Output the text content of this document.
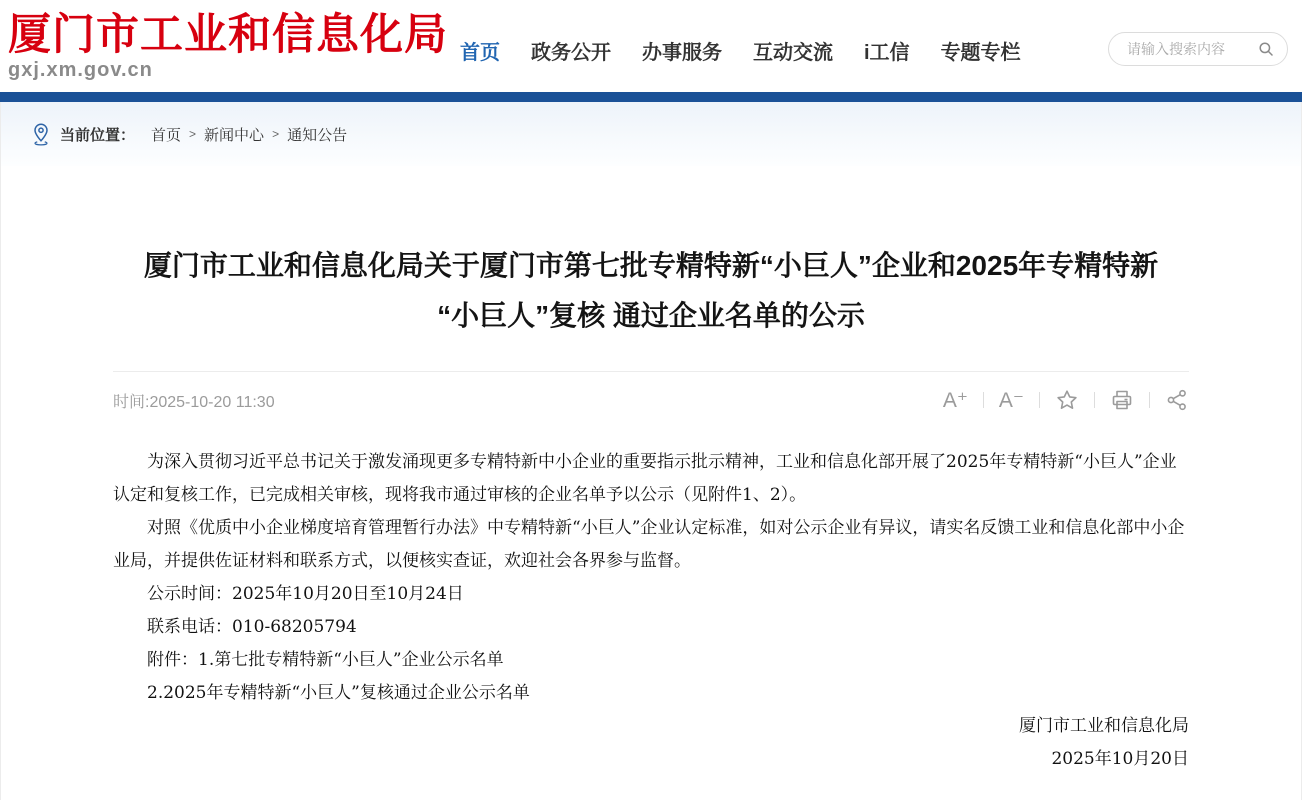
厦门市工业和信息化局
gxj.xm.gov.cn
首页 政务公开 办事服务 互动交流 i工信 专题专栏
请输入搜索内容
当前位置： 首页 > 新闻中心 > 通知公告
厦门市工业和信息化局关于厦门市第七批专精特新“小巨人”企业和2025年专精特新
“小巨人”复核 通过企业名单的公示
时间:2025-10-20 11:30	A⁺ A⁻

为深入贯彻习近平总书记关于激发涌现更多专精特新中小企业的重要指示批示精神，工业和信息化部开展了2025年专精特新“小巨人”企业认定和复核工作，已完成相关审核，现将我市通过审核的企业名单予以公示（见附件1、2）。

对照《优质中小企业梯度培育管理暂行办法》中专精特新“小巨人”企业认定标准，如对公示企业有异议，请实名反馈工业和信息化部中小企业局，并提供佐证材料和联系方式，以便核实查证，欢迎社会各界参与监督。

公示时间：2025年10月20日至10月24日

联系电话：010-68205794

附件：1.第七批专精特新“小巨人”企业公示名单

2.2025年专精特新“小巨人”复核通过企业公示名单

厦门市工业和信息化局
2025年10月20日
